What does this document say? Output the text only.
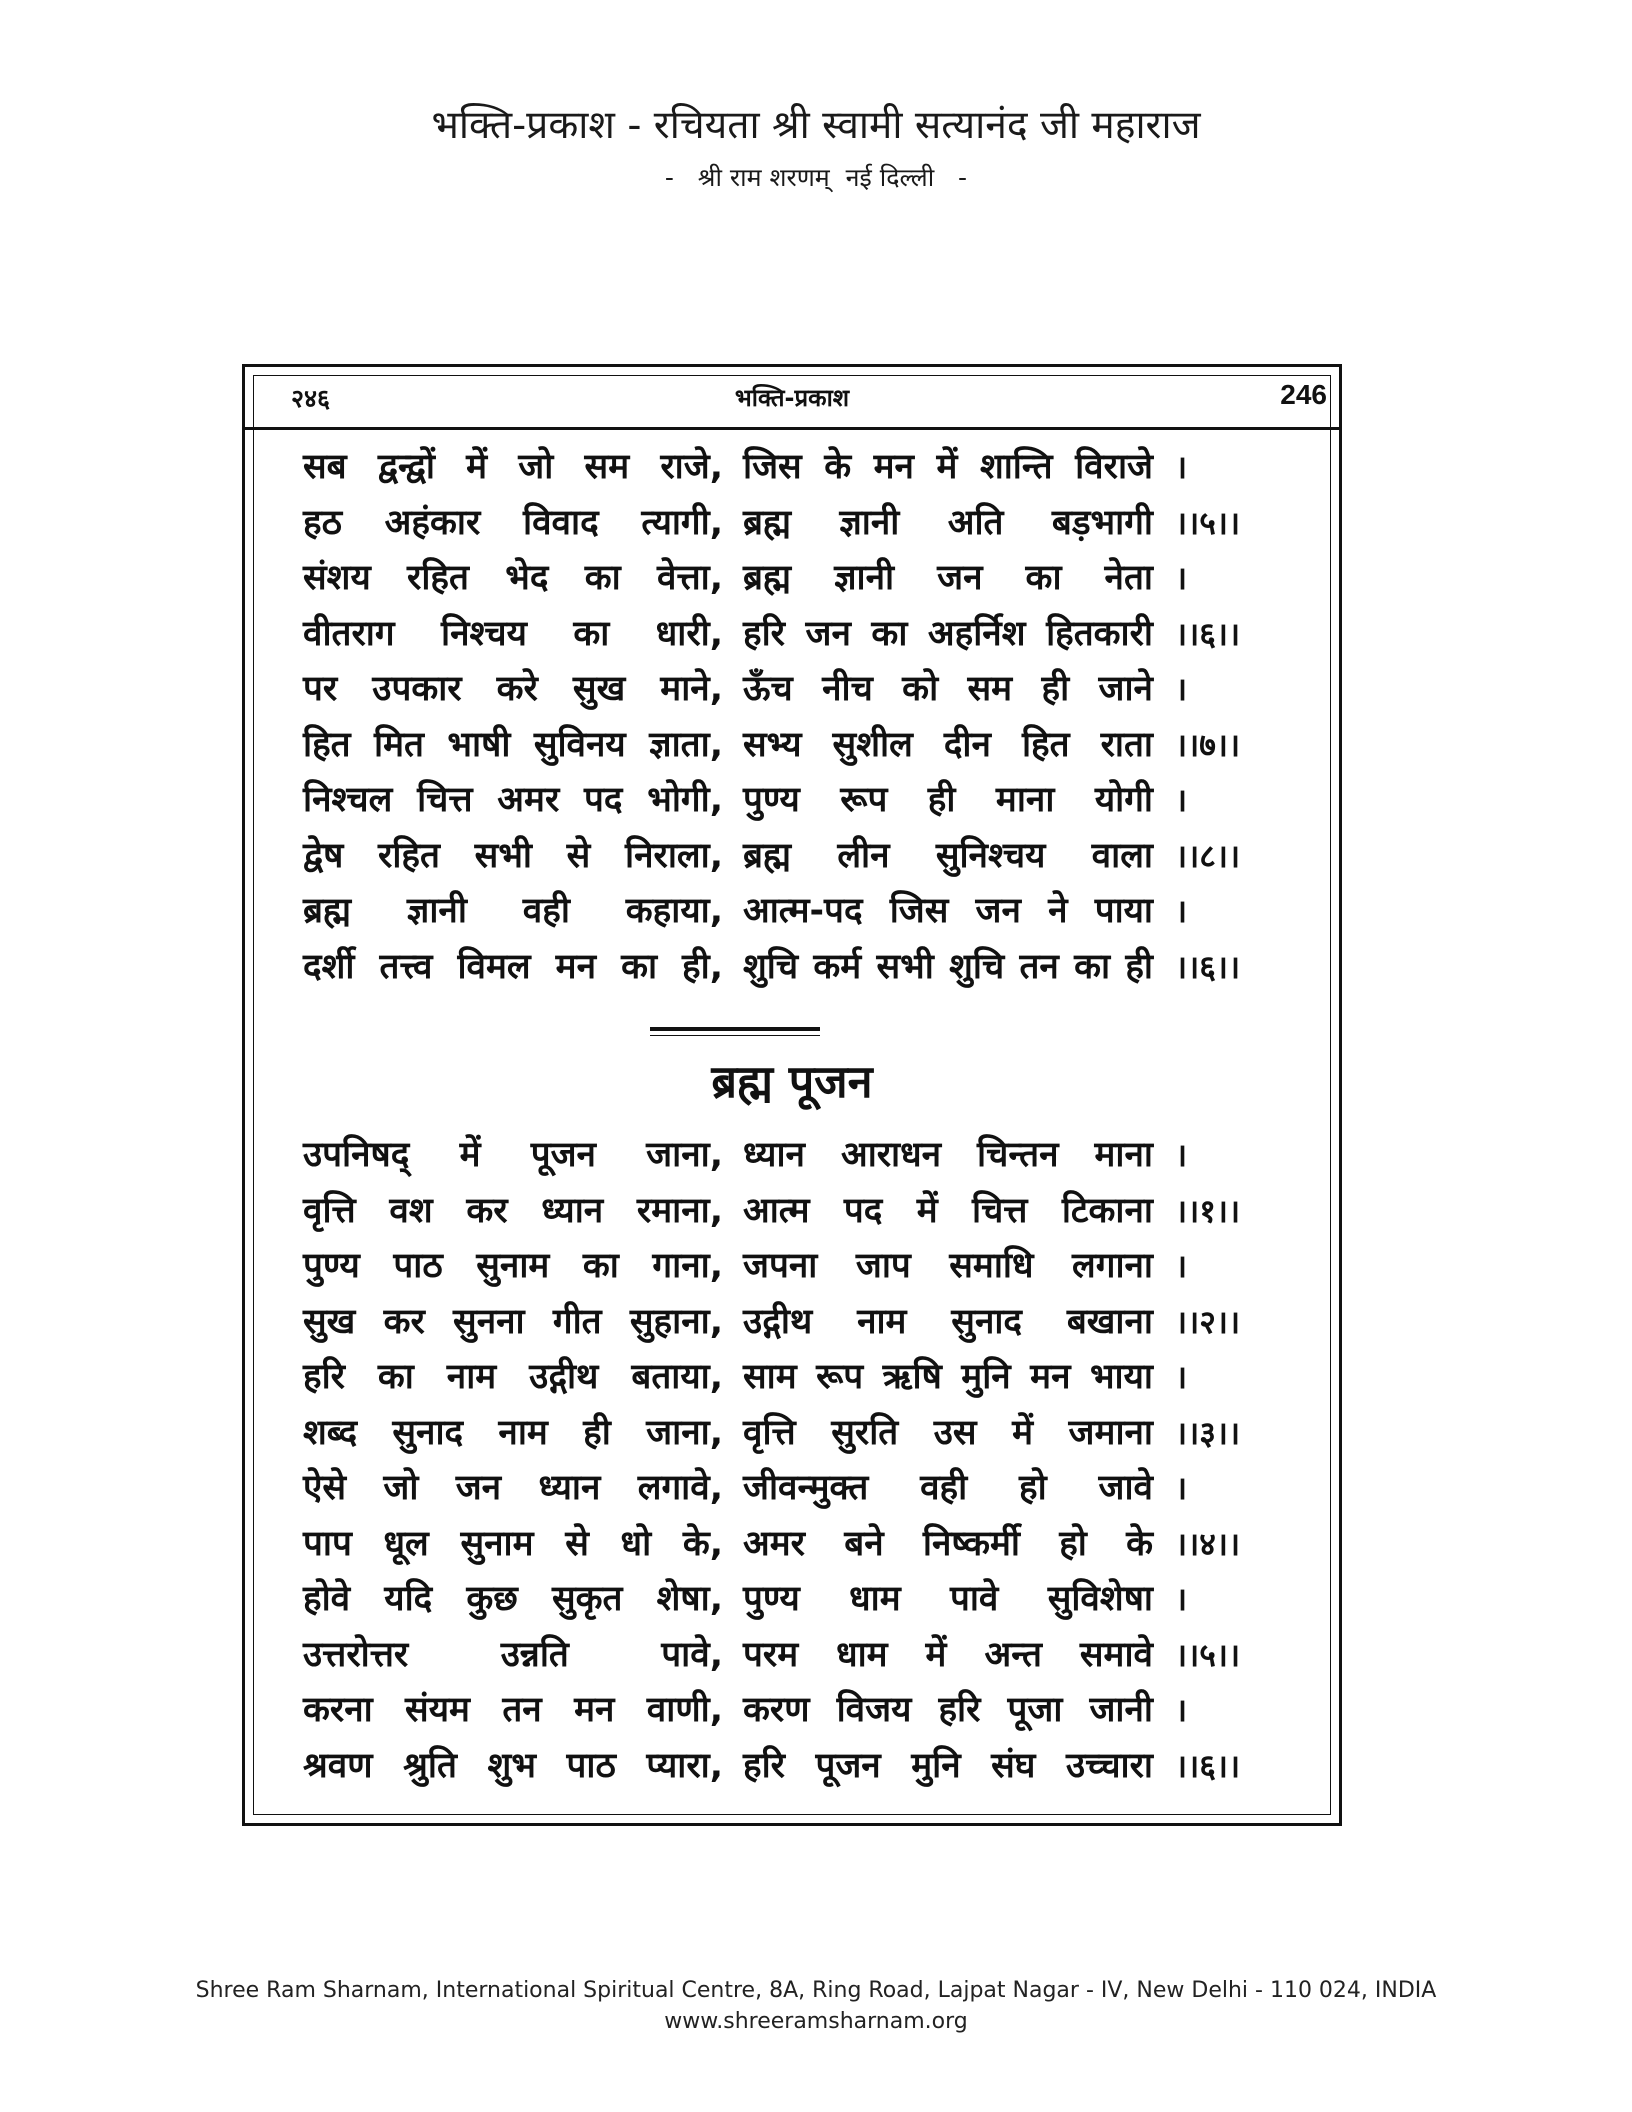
भक्ति-प्रकाश - रचियता श्री स्वामी सत्यानंद जी महाराज
-   श्री राम शरणम्  नई दिल्ली   -
२४६	भक्ति-प्रकाश	246
सब द्वन्द्वों में जो सम राजे, जिस के मन में शान्ति विराजे ।
हठ अहंकार विवाद त्यागी, ब्रह्म ज्ञानी अति बड़भागी ।।५।।
संशय रहित भेद का वेत्ता, ब्रह्म ज्ञानी जन का नेता ।
वीतराग निश्चय का धारी, हरि जन का अहर्निश हितकारी ।।६।।
पर उपकार करे सुख माने, ऊँच नीच को सम ही जाने ।
हित मित भाषी सुविनय ज्ञाता, सभ्य सुशील दीन हित राता ।।७।।
निश्चल चित्त अमर पद भोगी, पुण्य रूप ही माना योगी ।
द्वेष रहित सभी से निराला, ब्रह्म लीन सुनिश्चय वाला ।।८।।
ब्रह्म ज्ञानी वही कहाया, आत्म-पद जिस जन ने पाया ।
दर्शी तत्त्व विमल मन का ही, शुचि कर्म सभी शुचि तन का ही ।।६।।
ब्रह्म पूजन
उपनिषद् में पूजन जाना, ध्यान आराधन चिन्तन माना ।
वृत्ति वश कर ध्यान रमाना, आत्म पद में चित्त टिकाना ।।१।।
पुण्य पाठ सुनाम का गाना, जपना जाप समाधि लगाना ।
सुख कर सुनना गीत सुहाना, उद्गीथ नाम सुनाद बखाना ।।२।।
हरि का नाम उद्गीथ बताया, साम रूप ऋषि मुनि मन भाया ।
शब्द सुनाद नाम ही जाना, वृत्ति सुरति उस में जमाना ।।३।।
ऐसे जो जन ध्यान लगावे, जीवन्मुक्त वही हो जावे ।
पाप धूल सुनाम से धो के, अमर बने निष्कर्मी हो के ।।४।।
होवे यदि कुछ सुकृत शेषा, पुण्य धाम पावे सुविशेषा ।
उत्तरोत्तर उन्नति पावे, परम धाम में अन्त समावे ।।५।।
करना संयम तन मन वाणी, करण विजय हरि पूजा जानी ।
श्रवण श्रुति शुभ पाठ प्यारा, हरि पूजन मुनि संघ उच्चारा ।।६।।
Shree Ram Sharnam, International Spiritual Centre, 8A, Ring Road, Lajpat Nagar - IV, New Delhi - 110 024, INDIA
www.shreeramsharnam.org
